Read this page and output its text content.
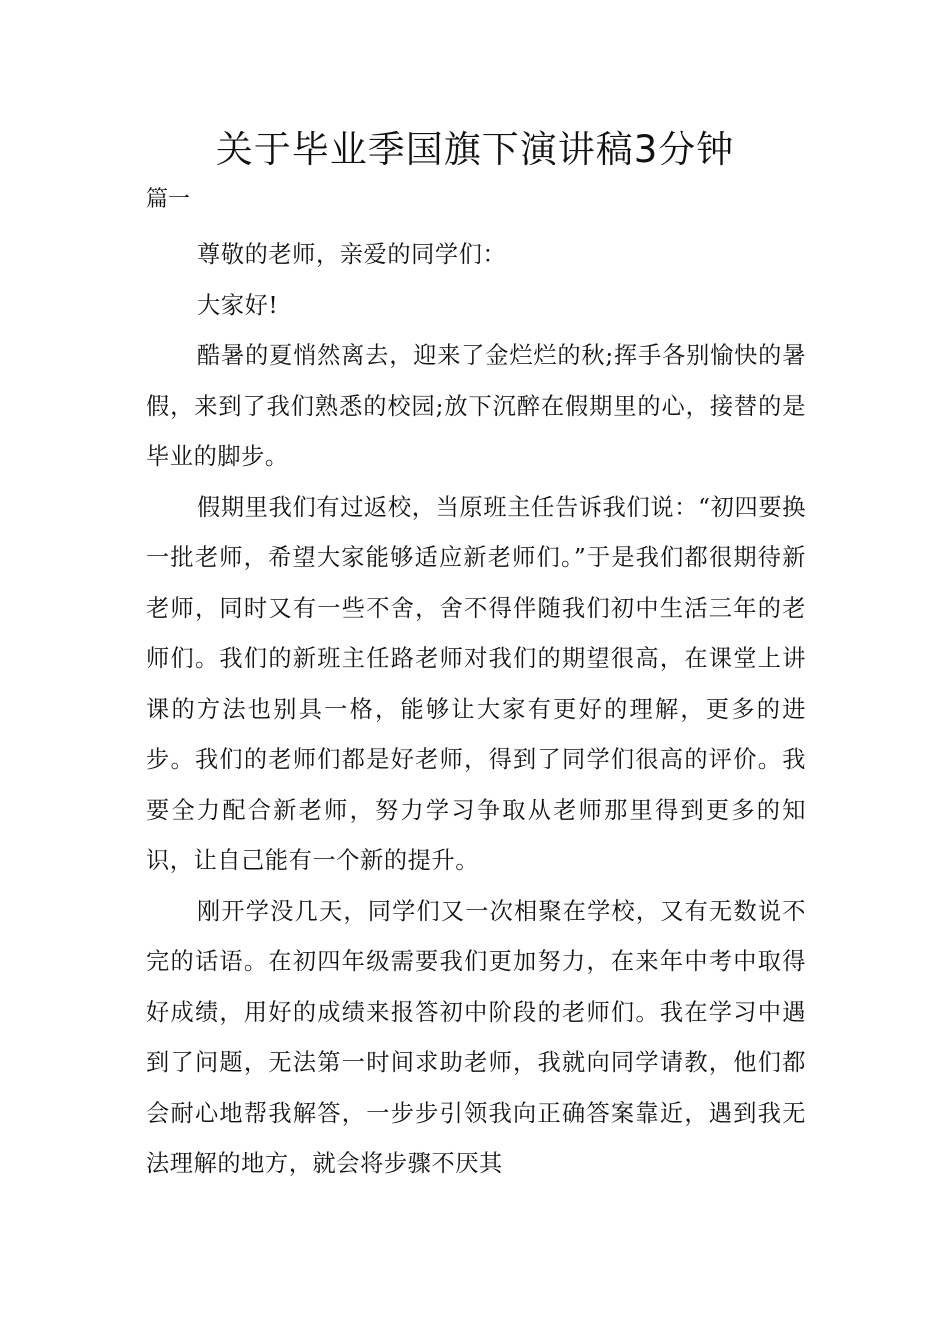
关于毕业季国旗下演讲稿3分钟

篇一

尊敬的老师，亲爱的同学们：

大家好!

酷暑的夏悄然离去，迎来了金烂烂的秋;挥手各别愉快的暑假，来到了我们熟悉的校园;放下沉醉在假期里的心，接替的是毕业的脚步。

假期里我们有过返校，当原班主任告诉我们说：“初四要换一批老师，希望大家能够适应新老师们。”于是我们都很期待新老师，同时又有一些不舍，舍不得伴随我们初中生活三年的老师们。我们的新班主任路老师对我们的期望很高，在课堂上讲课的方法也别具一格，能够让大家有更好的理解，更多的进步。我们的老师们都是好老师，得到了同学们很高的评价。我要全力配合新老师，努力学习争取从老师那里得到更多的知识，让自己能有一个新的提升。

刚开学没几天，同学们又一次相聚在学校，又有无数说不完的话语。在初四年级需要我们更加努力，在来年中考中取得好成绩，用好的成绩来报答初中阶段的老师们。我在学习中遇到了问题，无法第一时间求助老师，我就向同学请教，他们都会耐心地帮我解答，一步步引领我向正确答案靠近，遇到我无法理解的地方，就会将步骤不厌其
